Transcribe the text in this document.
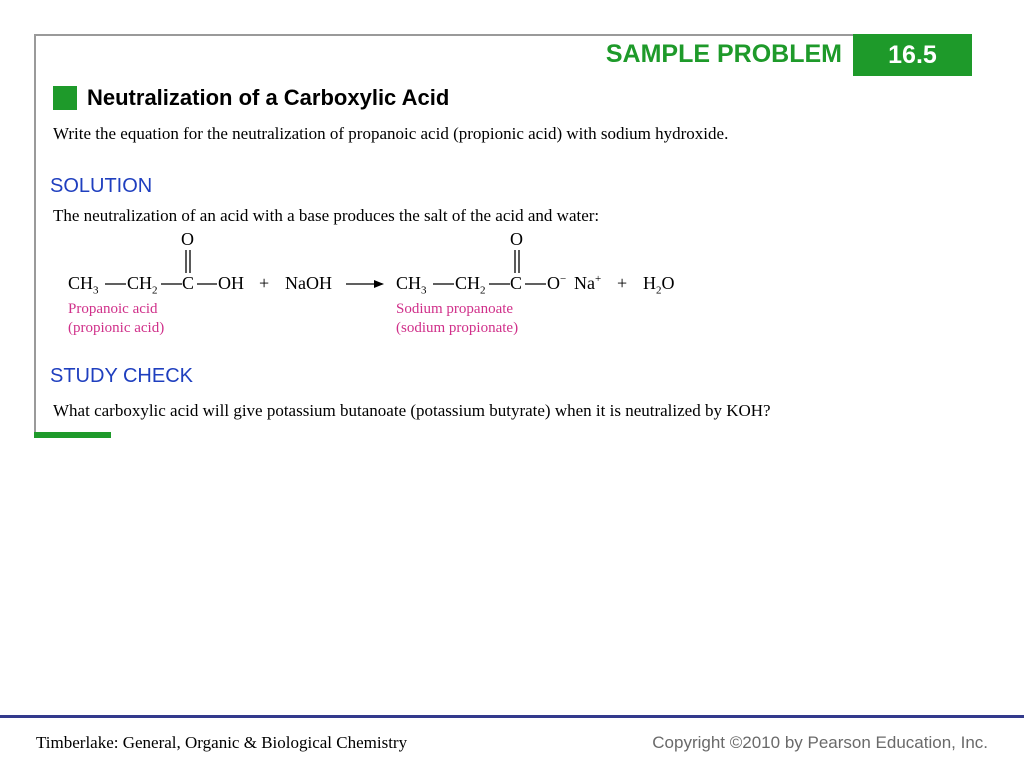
SAMPLE PROBLEM	16.5
Neutralization of a Carboxylic Acid
Write the equation for the neutralization of propanoic acid (propionic acid) with sodium hydroxide.
SOLUTION
The neutralization of an acid with a base produces the salt of the acid and water:
O	O
$CH_3$ $CH_2$ C OH + NaOH	$CH_3$ $CH_2$ C O− $Na^+ + H_2O$
Propanoic acid
(propionic acid)
Sodium propanoate
(sodium propionate)
STUDY CHECK
What carboxylic acid will give potassium butanoate (potassium butyrate) when it is neutralized by KOH?
Timberlake: General, Organic & Biological Chemistry	Copyright ©2010 by Pearson Education, Inc.
